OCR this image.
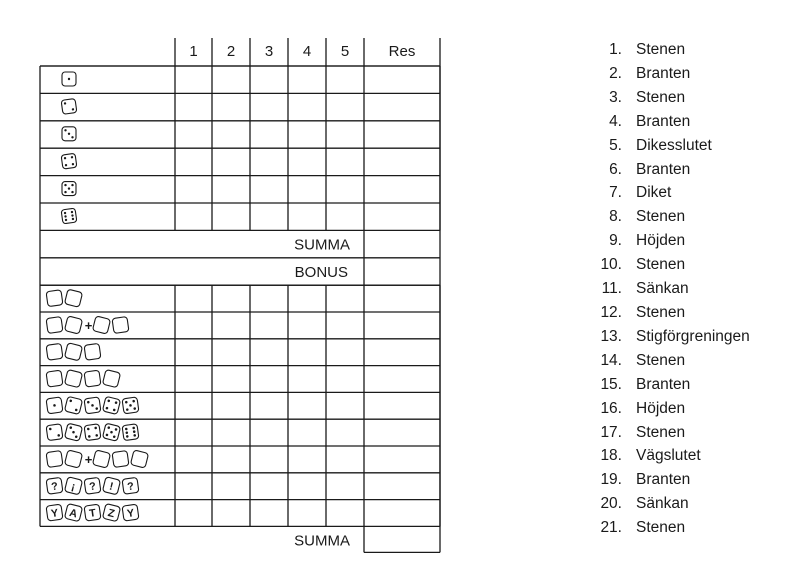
1 2 3 4 5	Res
SUMMA
BONUS
SUMMA
+
+
? ¡ ? ! ?
Y A T Z Y
1. Stenen
2. Branten
3. Stenen
4. Branten
5. Dikesslutet
6. Branten
7. Diket
8. Stenen
9. Höjden
10. Stenen
11. Sänkan
12. Stenen
13. Stigförgreningen
14. Stenen
15. Branten
16. Höjden
17. Stenen
18. Vägslutet
19. Branten
20. Sänkan
21. Stenen
